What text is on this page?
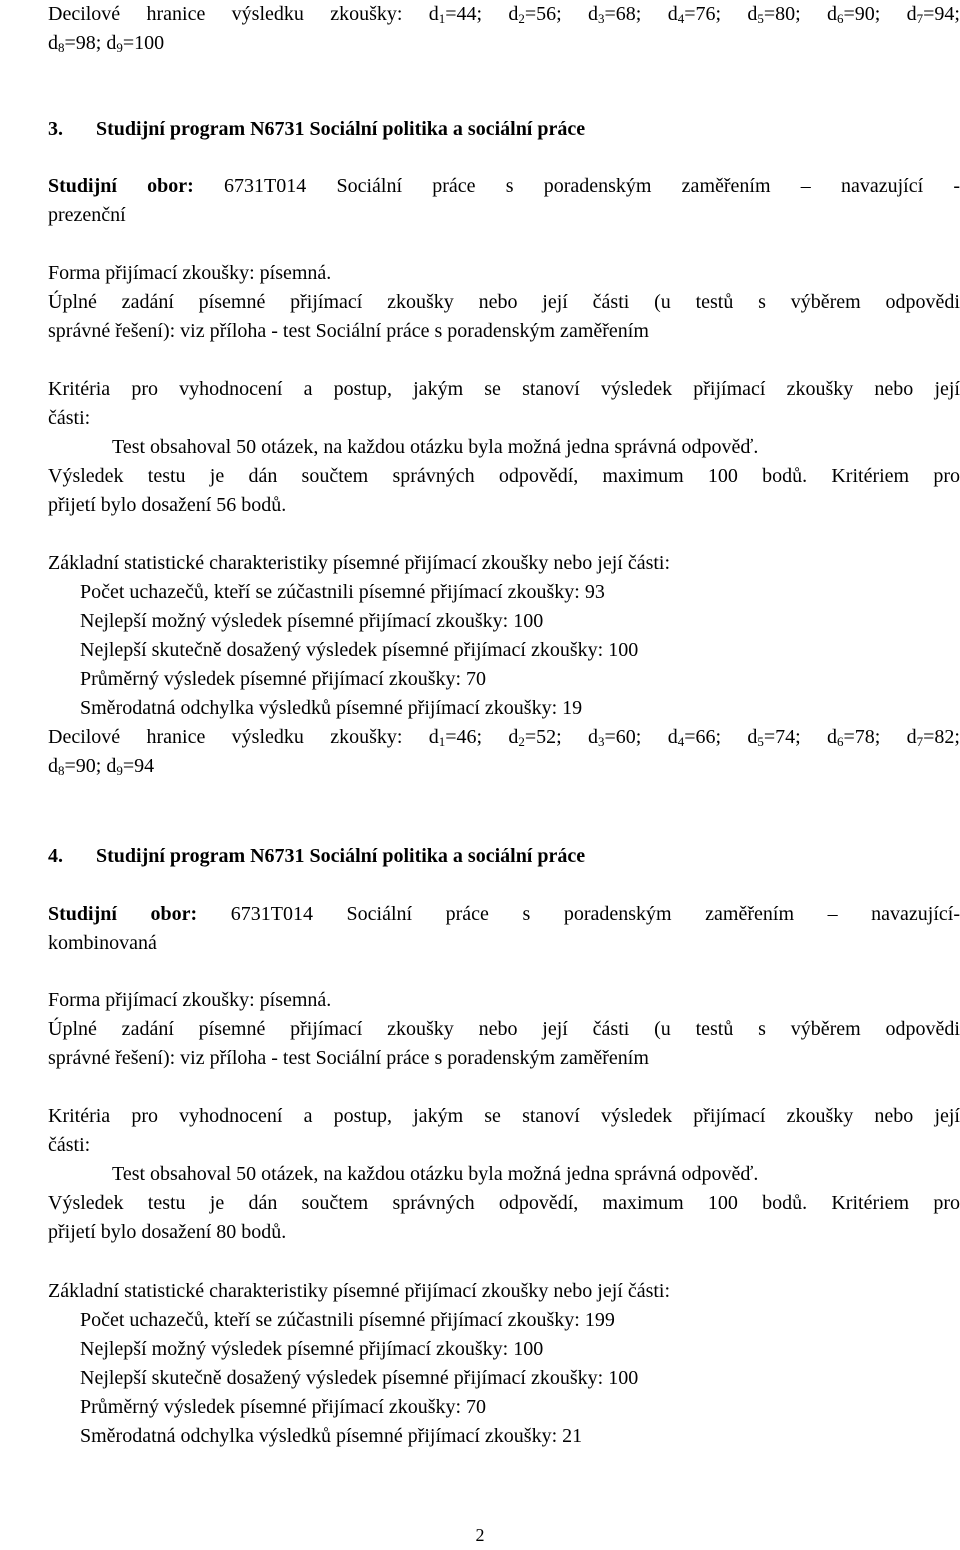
Decilové hranice výsledku zkoušky: $d_1=44$; $d_2=56$; $d_3=68$; $d_4=76$; $d_5=80$; $d_6=90$; $d_7=94$;

$d_8=98$; $d_9=100$

3. Studijní program N6731 Sociální politika a sociální práce

Studijní obor: 6731T014 Sociální práce s poradenským zaměřením – navazující -

prezenční

Forma přijímací zkoušky: písemná.

Úplné zadání písemné přijímací zkoušky nebo její části (u testů s výběrem odpovědi

správné řešení): viz příloha - test Sociální práce s poradenským zaměřením

Kritéria pro vyhodnocení a postup, jakým se stanoví výsledek přijímací zkoušky nebo její

části:

Test obsahoval 50 otázek, na každou otázku byla možná jedna správná odpověď.

Výsledek testu je dán součtem správných odpovědí, maximum 100 bodů. Kritériem pro

přijetí bylo dosažení 56 bodů.

Základní statistické charakteristiky písemné přijímací zkoušky nebo její části:

Počet uchazečů, kteří se zúčastnili písemné přijímací zkoušky: 93

Nejlepší možný výsledek písemné přijímací zkoušky: 100

Nejlepší skutečně dosažený výsledek písemné přijímací zkoušky: 100

Průměrný výsledek písemné přijímací zkoušky: 70

Směrodatná odchylka výsledků písemné přijímací zkoušky: 19

Decilové hranice výsledku zkoušky: $d_1=46$; $d_2=52$; $d_3=60$; $d_4=66$; $d_5=74$; $d_6=78$; $d_7=82$;

$d_8=90$; $d_9=94$

4. Studijní program N6731 Sociální politika a sociální práce

Studijní obor: 6731T014 Sociální práce s poradenským zaměřením – navazující-

kombinovaná

Forma přijímací zkoušky: písemná.

Úplné zadání písemné přijímací zkoušky nebo její části (u testů s výběrem odpovědi

správné řešení): viz příloha - test Sociální práce s poradenským zaměřením

Kritéria pro vyhodnocení a postup, jakým se stanoví výsledek přijímací zkoušky nebo její

části:

Test obsahoval 50 otázek, na každou otázku byla možná jedna správná odpověď.

Výsledek testu je dán součtem správných odpovědí, maximum 100 bodů. Kritériem pro

přijetí bylo dosažení 80 bodů.

Základní statistické charakteristiky písemné přijímací zkoušky nebo její části:

Počet uchazečů, kteří se zúčastnili písemné přijímací zkoušky: 199

Nejlepší možný výsledek písemné přijímací zkoušky: 100

Nejlepší skutečně dosažený výsledek písemné přijímací zkoušky: 100

Průměrný výsledek písemné přijímací zkoušky: 70

Směrodatná odchylka výsledků písemné přijímací zkoušky: 21

2
